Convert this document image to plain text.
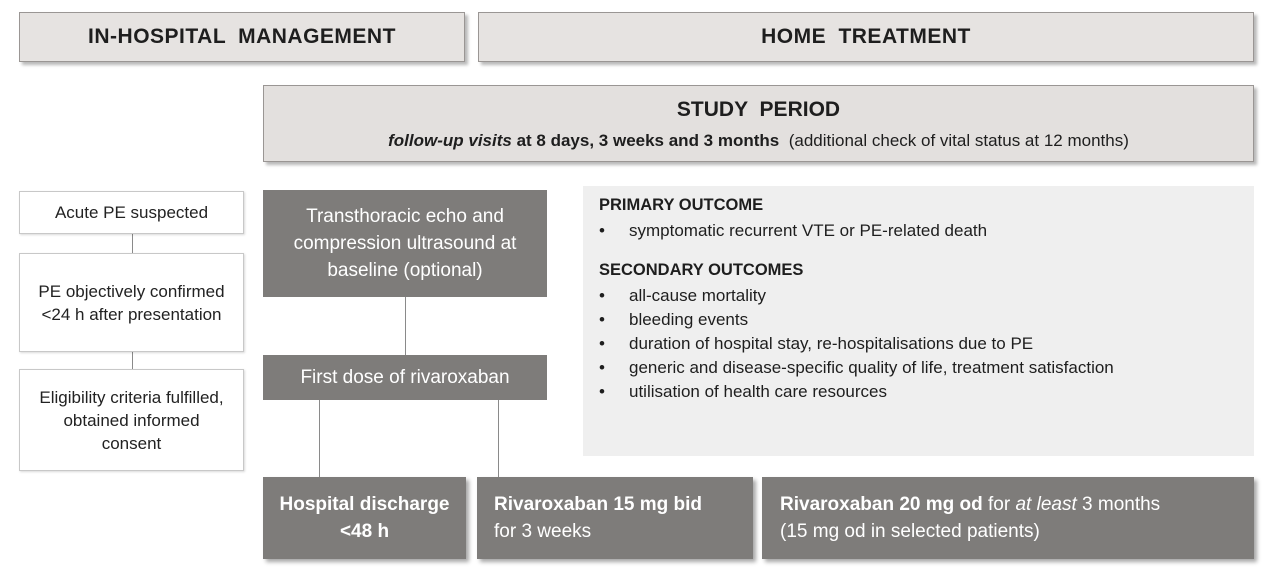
IN-HOSPITAL MANAGEMENT	HOME TREATMENT
STUDY PERIOD
follow-up visits at 8 days, 3 weeks and 3 months (additional check of vital status at 12 months)
Acute PE suspected
PE objectively confirmed <24 h after presentation
Eligibility criteria fulfilled, obtained informed consent
Transthoracic echo and compression ultrasound at baseline (optional)
First dose of rivaroxaban
PRIMARY OUTCOME
• symptomatic recurrent VTE or PE-related death
SECONDARY OUTCOMES
• all-cause mortality
• bleeding events
• duration of hospital stay, re-hospitalisations due to PE
• generic and disease-specific quality of life, treatment satisfaction
• utilisation of health care resources
Hospital discharge <48 h
Rivaroxaban 15 mg bid
for 3 weeks
Rivaroxaban 20 mg od for at least 3 months
(15 mg od in selected patients)
